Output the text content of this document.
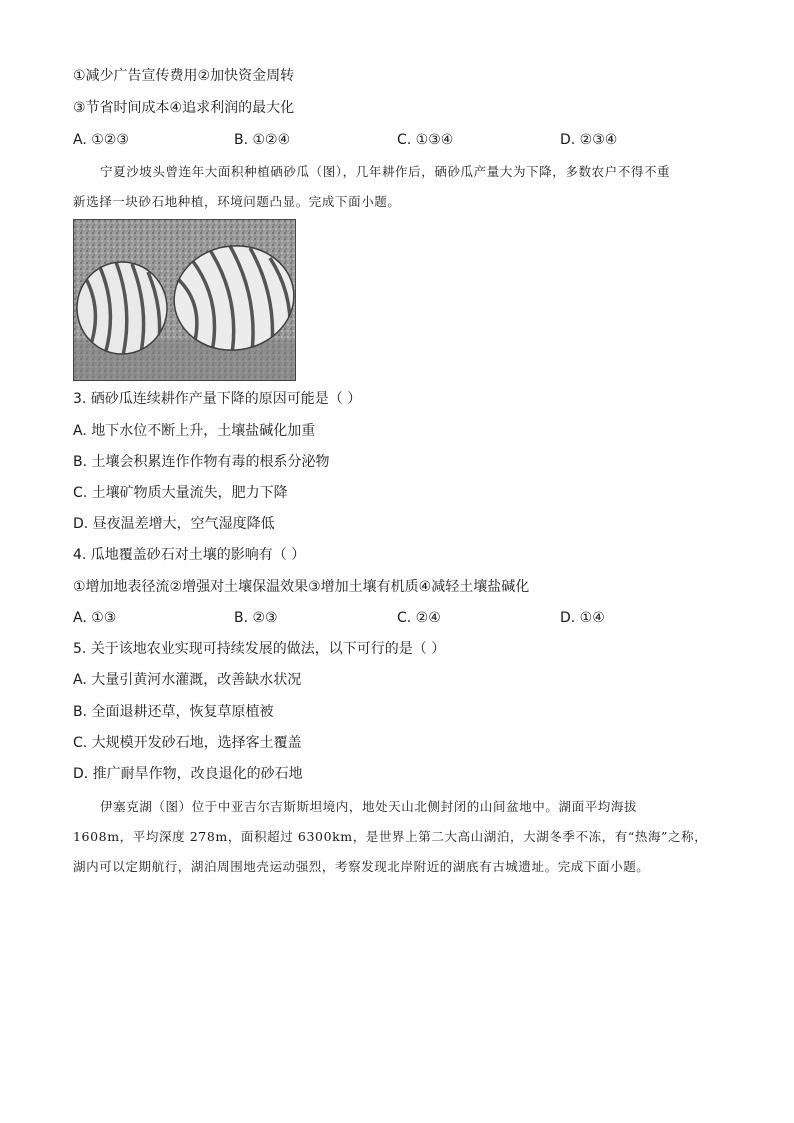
①减少广告宣传费用②加快资金周转
③节省时间成本④追求利润的最大化
A. ①②③	B. ①②④	C. ①③④	D. ②③④
宁夏沙坡头曾连年大面积种植硒砂瓜（图），几年耕作后，硒砂瓜产量大为下降，多数农户不得不重
新选择一块砂石地种植，环境问题凸显。完成下面小题。
3. 硒砂瓜连续耕作产量下降的原因可能是（ ）
A. 地下水位不断上升，土壤盐碱化加重
B. 土壤会积累连作作物有毒的根系分泌物
C. 土壤矿物质大量流失，肥力下降
D. 昼夜温差增大，空气湿度降低
4. 瓜地覆盖砂石对土壤的影响有（ ）
①增加地表径流②增强对土壤保温效果③增加土壤有机质④减轻土壤盐碱化
A. ①③	B. ②③	C. ②④	D. ①④
5. 关于该地农业实现可持续发展的做法，以下可行的是（ ）
A. 大量引黄河水灌溉，改善缺水状况
B. 全面退耕还草，恢复草原植被
C. 大规模开发砂石地，选择客土覆盖
D. 推广耐旱作物，改良退化的砂石地
伊塞克湖（图）位于中亚吉尔吉斯斯坦境内，地处天山北侧封闭的山间盆地中。湖面平均海拔
1608m，平均深度 278m，面积超过 6300km，是世界上第二大高山湖泊，大湖冬季不冻，有“热海”之称，
湖内可以定期航行，湖泊周围地壳运动强烈，考察发现北岸附近的湖底有古城遗址。完成下面小题。
